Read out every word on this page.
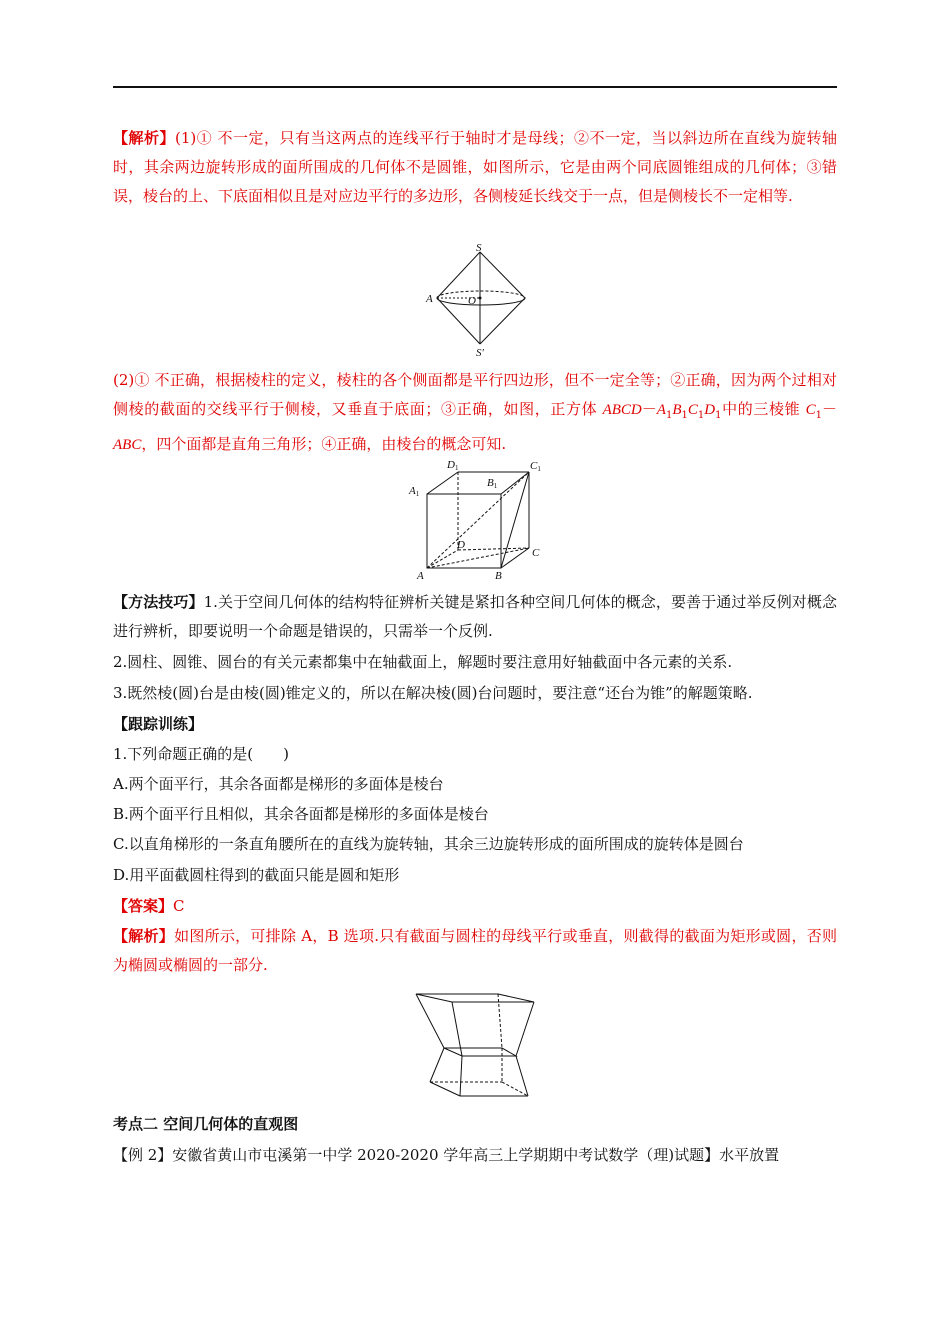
【解析】(1)① 不一定，只有当这两点的连线平行于轴时才是母线；②不一定，当以斜边所在直线为旋转轴时，其余两边旋转形成的面所围成的几何体不是圆锥，如图所示，它是由两个同底圆锥组成的几何体；③错误，棱台的上、下底面相似且是对应边平行的多边形，各侧棱延长线交于一点，但是侧棱长不一定相等.
S
S′
A	O
(2)① 不正确，根据棱柱的定义，棱柱的各个侧面都是平行四边形，但不一定全等；②正确，因为两个过相对侧棱的截面的交线平行于侧棱，又垂直于底面；③正确，如图，正方体 $ABCD-A_1B_1C_1D_1$中的三棱锥 $C_1-ABC$，四个面都是直角三角形；④正确，由棱台的概念可知.
D1	C1
A1
B1
D
C
A	B
【方法技巧】1.关于空间几何体的结构特征辨析关键是紧扣各种空间几何体的概念，要善于通过举反例对概念进行辨析，即要说明一个命题是错误的，只需举一个反例.
2.圆柱、圆锥、圆台的有关元素都集中在轴截面上，解题时要注意用好轴截面中各元素的关系.
3.既然棱(圆)台是由棱(圆)锥定义的，所以在解决棱(圆)台问题时，要注意“还台为锥”的解题策略.
【跟踪训练】
1.下列命题正确的是(　　)
A.两个面平行，其余各面都是梯形的多面体是棱台
B.两个面平行且相似，其余各面都是梯形的多面体是棱台
C.以直角梯形的一条直角腰所在的直线为旋转轴，其余三边旋转形成的面所围成的旋转体是圆台
D.用平面截圆柱得到的截面只能是圆和矩形
【答案】C
【解析】如图所示，可排除 A，B 选项.只有截面与圆柱的母线平行或垂直，则截得的截面为矩形或圆，否则为椭圆或椭圆的一部分.
考点二 空间几何体的直观图
【例 2】安徽省黄山市屯溪第一中学 2020-2020 学年高三上学期期中考试数学（理)试题】水平放置
